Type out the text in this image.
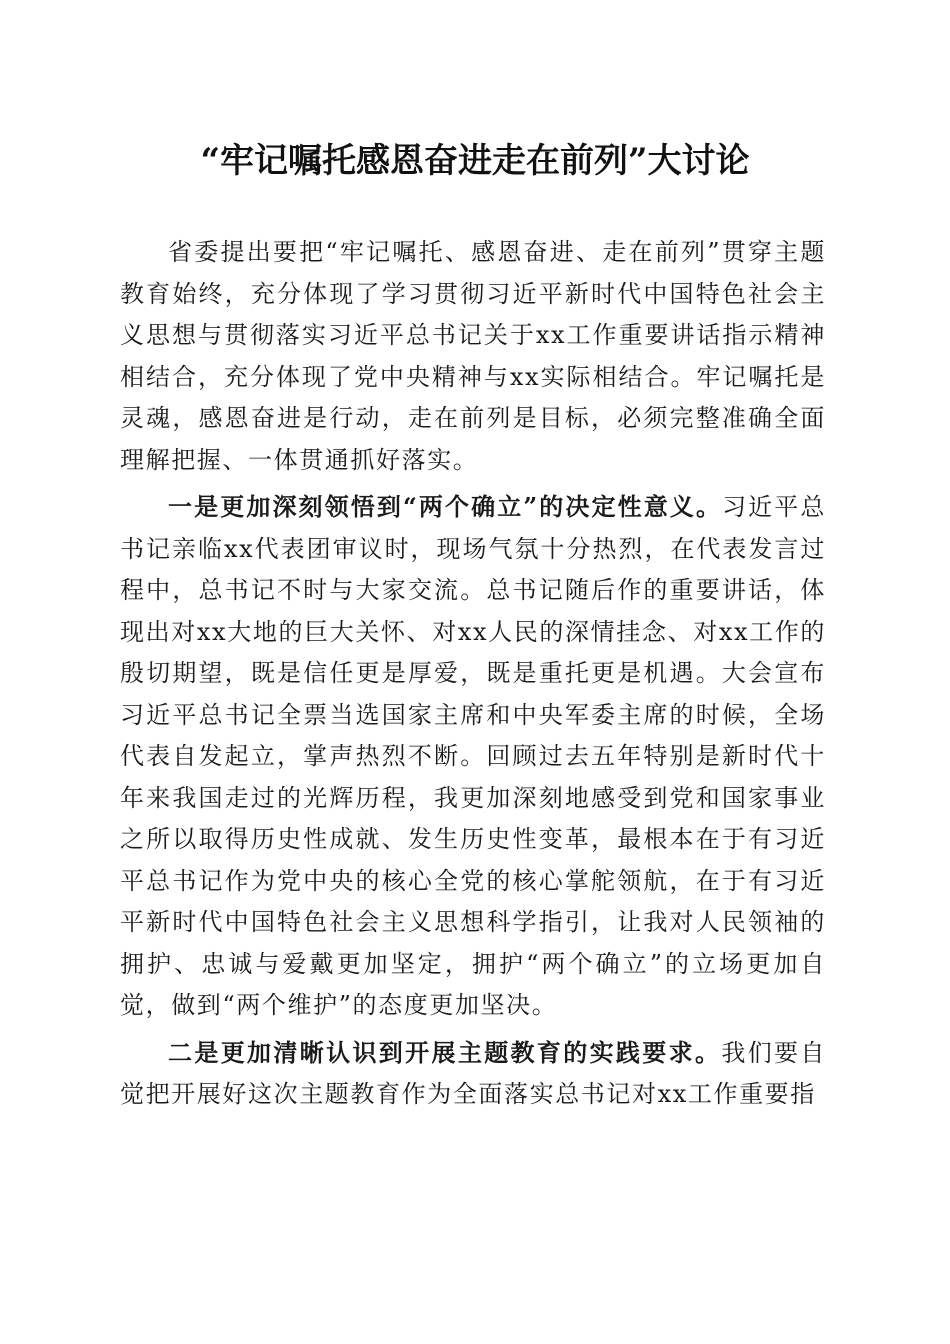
“牢记嘱托感恩奋进走在前列”大讨论

省委提出要把“牢记嘱托、感恩奋进、走在前列”贯穿主题教育始终，充分体现了学习贯彻习近平新时代中国特色社会主义思想与贯彻落实习近平总书记关于xx工作重要讲话指示精神相结合，充分体现了党中央精神与xx实际相结合。牢记嘱托是灵魂，感恩奋进是行动，走在前列是目标，必须完整准确全面理解把握、一体贯通抓好落实。

一是更加深刻领悟到“两个确立”的决定性意义。习近平总书记亲临xx代表团审议时，现场气氛十分热烈，在代表发言过程中，总书记不时与大家交流。总书记随后作的重要讲话，体现出对xx大地的巨大关怀、对xx人民的深情挂念、对xx工作的殷切期望，既是信任更是厚爱，既是重托更是机遇。大会宣布习近平总书记全票当选国家主席和中央军委主席的时候，全场代表自发起立，掌声热烈不断。回顾过去五年特别是新时代十年来我国走过的光辉历程，我更加深刻地感受到党和国家事业之所以取得历史性成就、发生历史性变革，最根本在于有习近平总书记作为党中央的核心全党的核心掌舵领航，在于有习近平新时代中国特色社会主义思想科学指引，让我对人民领袖的拥护、忠诚与爱戴更加坚定，拥护“两个确立”的立场更加自觉，做到“两个维护”的态度更加坚决。

二是更加清晰认识到开展主题教育的实践要求。我们要自觉把开展好这次主题教育作为全面落实总书记对xx工作重要指
